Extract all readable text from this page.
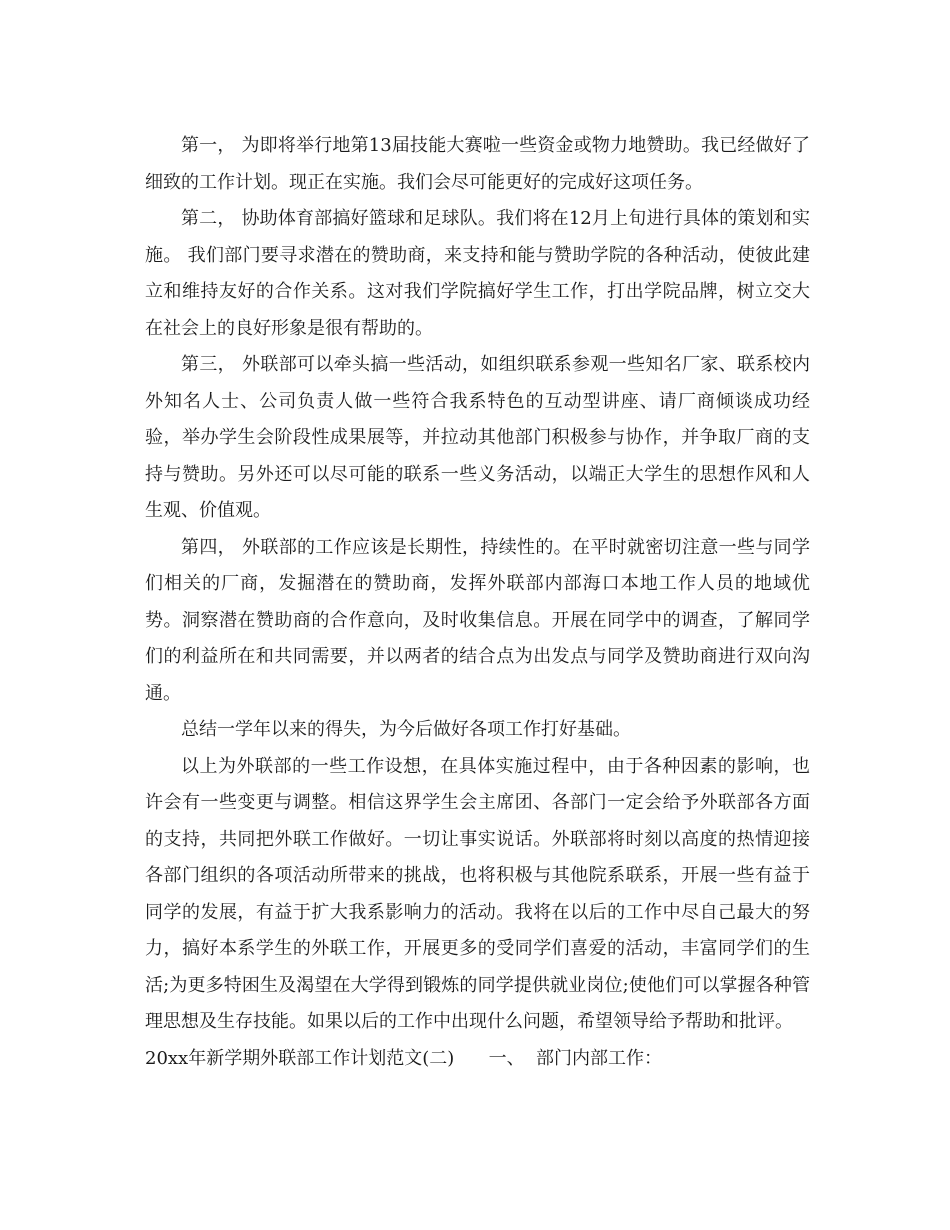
第一， 为即将举行地第13届技能大赛啦一些资金或物力地赞助。我已经做好了细致的工作计划。现正在实施。我们会尽可能更好的完成好这项任务。

第二， 协助体育部搞好篮球和足球队。我们将在12月上旬进行具体的策划和实施。 我们部门要寻求潜在的赞助商，来支持和能与赞助学院的各种活动，使彼此建立和维持友好的合作关系。这对我们学院搞好学生工作，打出学院品牌，树立交大在社会上的良好形象是很有帮助的。

第三， 外联部可以牵头搞一些活动，如组织联系参观一些知名厂家、联系校内外知名人士、公司负责人做一些符合我系特色的互动型讲座、请厂商倾谈成功经验，举办学生会阶段性成果展等，并拉动其他部门积极参与协作，并争取厂商的支持与赞助。另外还可以尽可能的联系一些义务活动，以端正大学生的思想作风和人生观、价值观。

第四， 外联部的工作应该是长期性，持续性的。在平时就密切注意一些与同学们相关的厂商，发掘潜在的赞助商，发挥外联部内部海口本地工作人员的地域优势。洞察潜在赞助商的合作意向，及时收集信息。开展在同学中的调查，了解同学们的利益所在和共同需要，并以两者的结合点为出发点与同学及赞助商进行双向沟通。

总结一学年以来的得失，为今后做好各项工作打好基础。

以上为外联部的一些工作设想，在具体实施过程中，由于各种因素的影响，也许会有一些变更与调整。相信这界学生会主席团、各部门一定会给予外联部各方面的支持，共同把外联工作做好。一切让事实说话。外联部将时刻以高度的热情迎接各部门组织的各项活动所带来的挑战，也将积极与其他院系联系，开展一些有益于同学的发展，有益于扩大我系影响力的活动。我将在以后的工作中尽自己最大的努力，搞好本系学生的外联工作，开展更多的受同学们喜爱的活动，丰富同学们的生活;为更多特困生及渴望在大学得到锻炼的同学提供就业岗位;使他们可以掌握各种管理思想及生存技能。如果以后的工作中出现什么问题，希望领导给予帮助和批评。

20xx年新学期外联部工作计划范文(二)      一、  部门内部工作：
